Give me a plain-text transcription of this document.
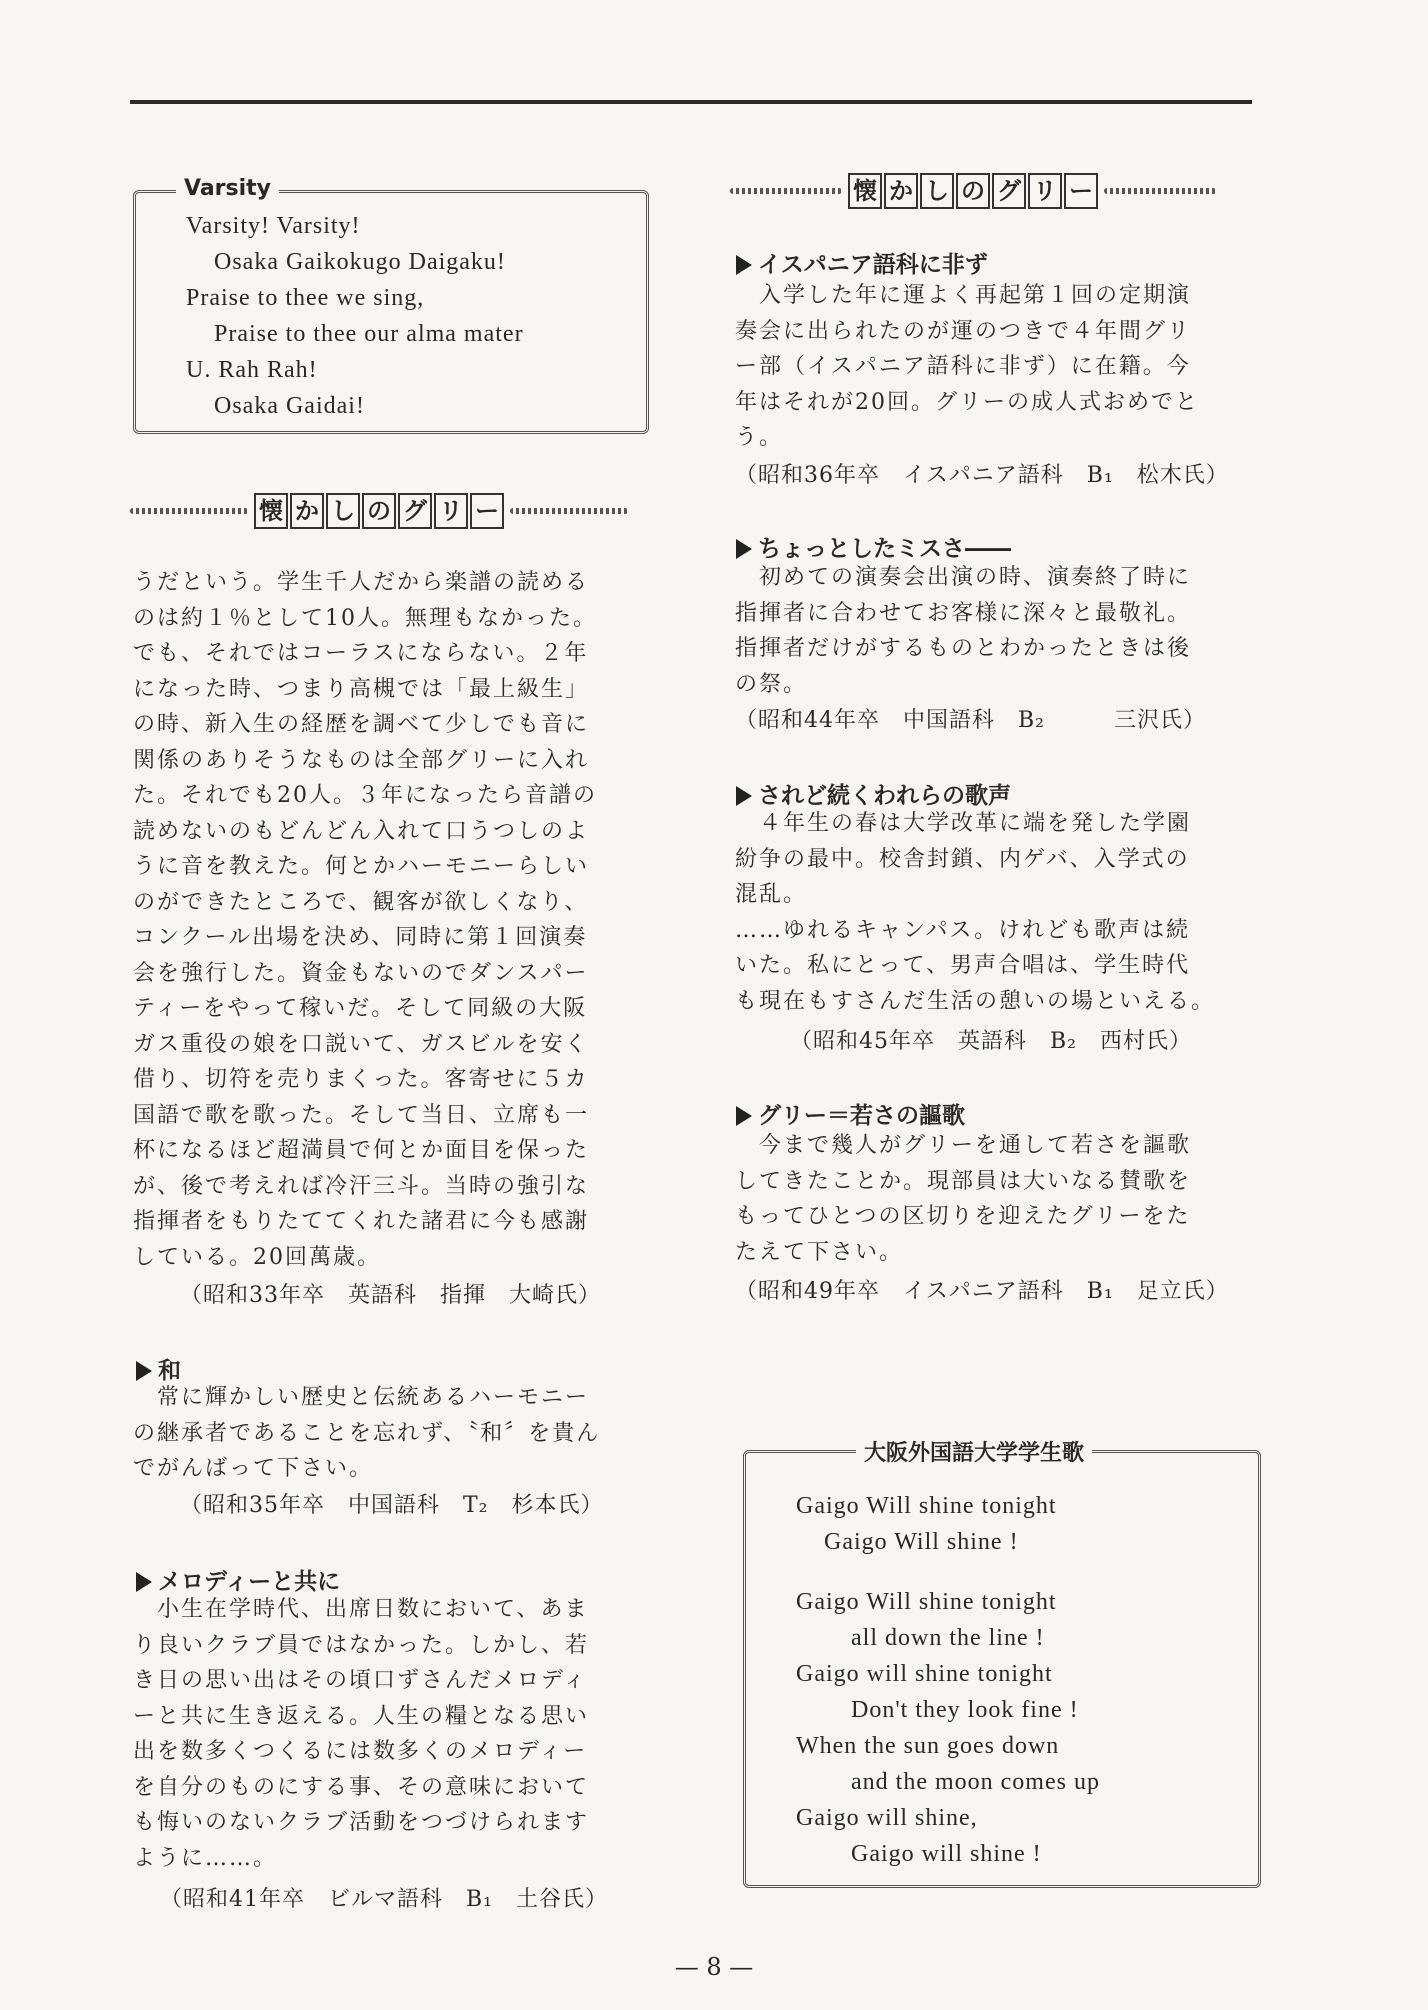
Varsity
Varsity! Varsity!
Osaka Gaikokugo Daigaku!
Praise to thee we sing,
Praise to thee our alma mater
U. Rah Rah!
Osaka Gaidai!
懐 か し の グ リ ー
うだという。学生千人だから楽譜の読める
のは約１％として10人。無理もなかった。
でも、それではコーラスにならない。２年
になった時、つまり高槻では「最上級生」
の時、新入生の経歴を調べて少しでも音に
関係のありそうなものは全部グリーに入れ
た。それでも20人。３年になったら音譜の
読めないのもどんどん入れて口うつしのよ
うに音を教えた。何とかハーモニーらしい
のができたところで、観客が欲しくなり、
コンクール出場を決め、同時に第１回演奏
会を強行した。資金もないのでダンスパー
ティーをやって稼いだ。そして同級の大阪
ガス重役の娘を口説いて、ガスビルを安く
借り、切符を売りまくった。客寄せに５カ
国語で歌を歌った。そして当日、立席も一
杯になるほど超満員で何とか面目を保った
が、後で考えれば冷汗三斗。当時の強引な
指揮者をもりたててくれた諸君に今も感謝
している。20回萬歳。
（昭和33年卒　英語科　指揮　大崎氏）
和
　常に輝かしい歴史と伝統あるハーモニー
の継承者であることを忘れず、〝和〞を貴ん
でがんばって下さい。
（昭和35年卒　中国語科　T₂　杉本氏）
メロディーと共に
　小生在学時代、出席日数において、あま
り良いクラブ員ではなかった。しかし、若
き日の思い出はその頃口ずさんだメロディ
ーと共に生き返える。人生の糧となる思い
出を数多くつくるには数多くのメロディー
を自分のものにする事、その意味において
も悔いのないクラブ活動をつづけられます
ように……。
（昭和41年卒　ビルマ語科　B₁　土谷氏）
懐 か し の グ リ ー
イスパニア語科に非ず
　入学した年に運よく再起第１回の定期演
奏会に出られたのが運のつきで４年間グリ
ー部（イスパニア語科に非ず）に在籍。今
年はそれが20回。グリーの成人式おめでと
う。
（昭和36年卒　イスパニア語科　B₁　松木氏）
ちょっとしたミスさ――
　初めての演奏会出演の時、演奏終了時に
指揮者に合わせてお客様に深々と最敬礼。
指揮者だけがするものとわかったときは後
の祭。
（昭和44年卒　中国語科　B₂　　　三沢氏）
されど続くわれらの歌声
　４年生の春は大学改革に端を発した学園
紛争の最中。校舎封鎖、内ゲバ、入学式の
混乱。
……ゆれるキャンパス。けれども歌声は続
いた。私にとって、男声合唱は、学生時代
も現在もすさんだ生活の憩いの場といえる。
（昭和45年卒　英語科　B₂　西村氏）
グリー＝若さの謳歌
　今まで幾人がグリーを通して若さを謳歌
してきたことか。現部員は大いなる賛歌を
もってひとつの区切りを迎えたグリーをた
たえて下さい。
（昭和49年卒　イスパニア語科　B₁　足立氏）
大阪外国語大学学生歌
Gaigo Will shine tonight
Gaigo Will shine !
Gaigo Will shine tonight
all down the line !
Gaigo will shine tonight
Don't they look fine !
When the sun goes down
and the moon comes up
Gaigo will shine,
Gaigo will shine !
— 8 —
